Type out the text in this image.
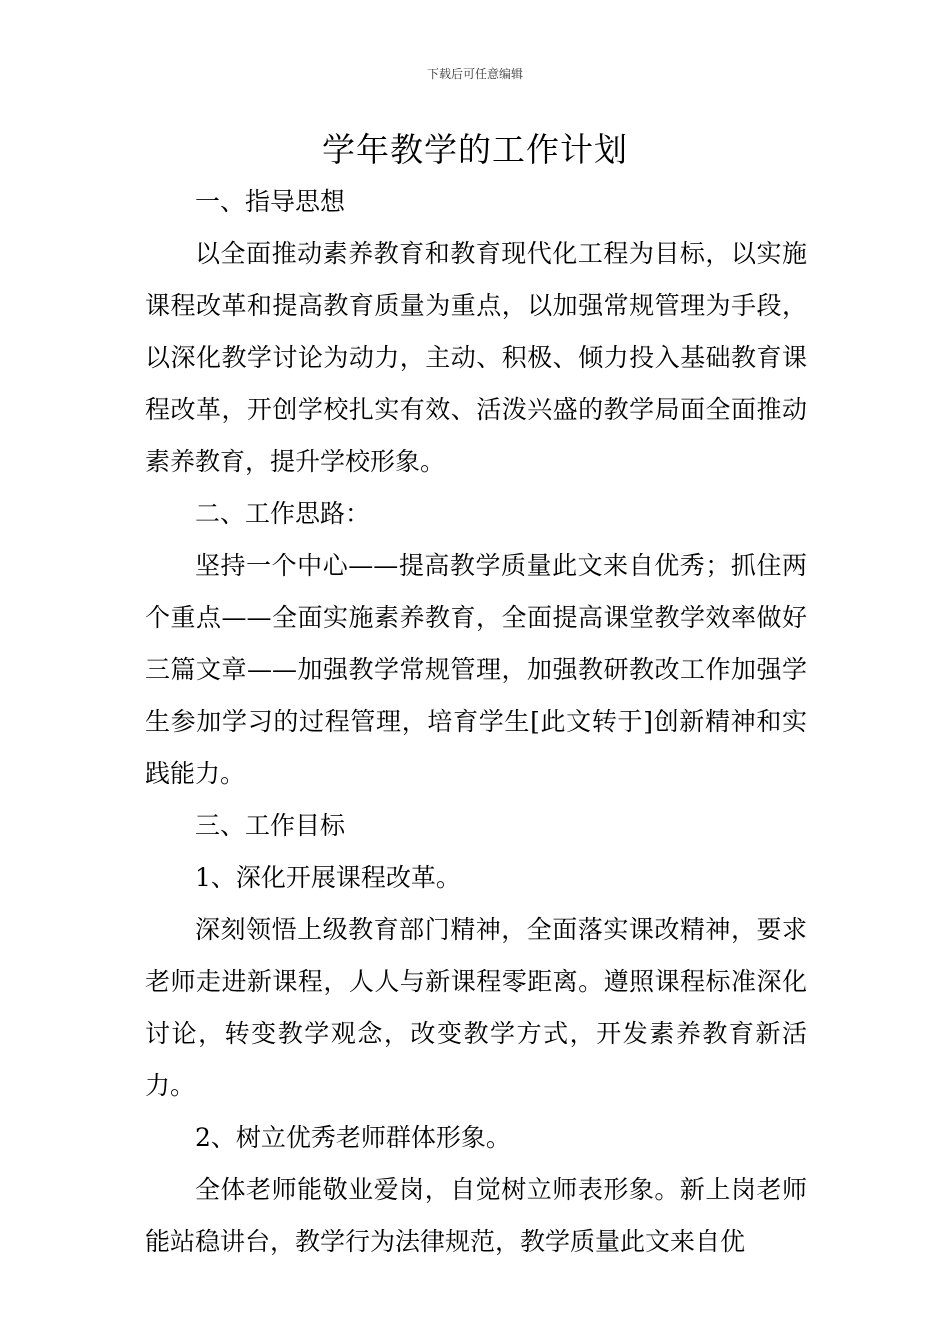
下载后可任意编辑
学年教学的工作计划

一、指导思想

以全面推动素养教育和教育现代化工程为目标，以实施课程改革和提高教育质量为重点，以加强常规管理为手段，以深化教学讨论为动力，主动、积极、倾力投入基础教育课程改革，开创学校扎实有效、活泼兴盛的教学局面全面推动素养教育，提升学校形象。

二、工作思路：

坚持一个中心——提高教学质量此文来自优秀；抓住两个重点——全面实施素养教育，全面提高课堂教学效率做好三篇文章——加强教学常规管理，加强教研教改工作加强学生参加学习的过程管理，培育学生[此文转于]创新精神和实践能力。

三、工作目标

1、深化开展课程改革。

深刻领悟上级教育部门精神，全面落实课改精神，要求老师走进新课程，人人与新课程零距离。遵照课程标准深化讨论，转变教学观念，改变教学方式，开发素养教育新活力。

2、树立优秀老师群体形象。

全体老师能敬业爱岗，自觉树立师表形象。新上岗老师能站稳讲台，教学行为法律规范，教学质量此文来自优
